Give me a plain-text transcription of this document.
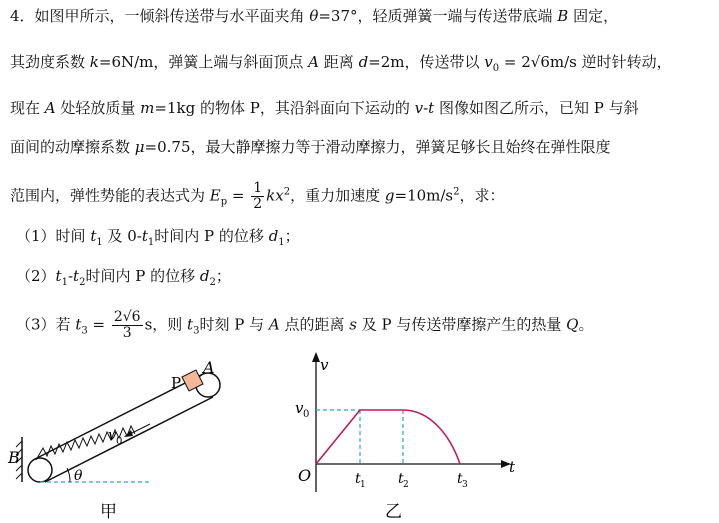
4．如图甲所示，一倾斜传送带与水平面夹角 θ=37°，轻质弹簧一端与传送带底端 B 固定，
其劲度系数 k=6N/m，弹簧上端与斜面顶点 A 距离 d=2m，传送带以 $v_0 = 2√6m/s$ 逆时针转动，
现在 A 处轻放质量 m=1kg 的物体 P，其沿斜面向下运动的 v-t 图像如图乙所示，已知 P 与斜
面间的动摩擦系数 μ=0.75，最大静摩擦力等于滑动摩擦力，弹簧足够长且始终在弹性限度
范围内，弹性势能的表达式为 $E_p = \frac{1}{2} kx^2$，重力加速度 $g=10m/s^2$，求：
（1）时间 $t_1$ 及 $0-t_1$时间内 P 的位移 $d_1$；
$(2)t_1-t_2$时间内 P 的位移 $d_2$；
（3）若 $t_3 = \frac{2√6}{3}$ s，则 $t_3$时刻 P 与 A 点的距离 s 及 P 与传送带摩擦产生的热量 Q。
B
A
P
v 0
θ
甲
v
v 0
O	t
t 1 t 2	t 3
乙
